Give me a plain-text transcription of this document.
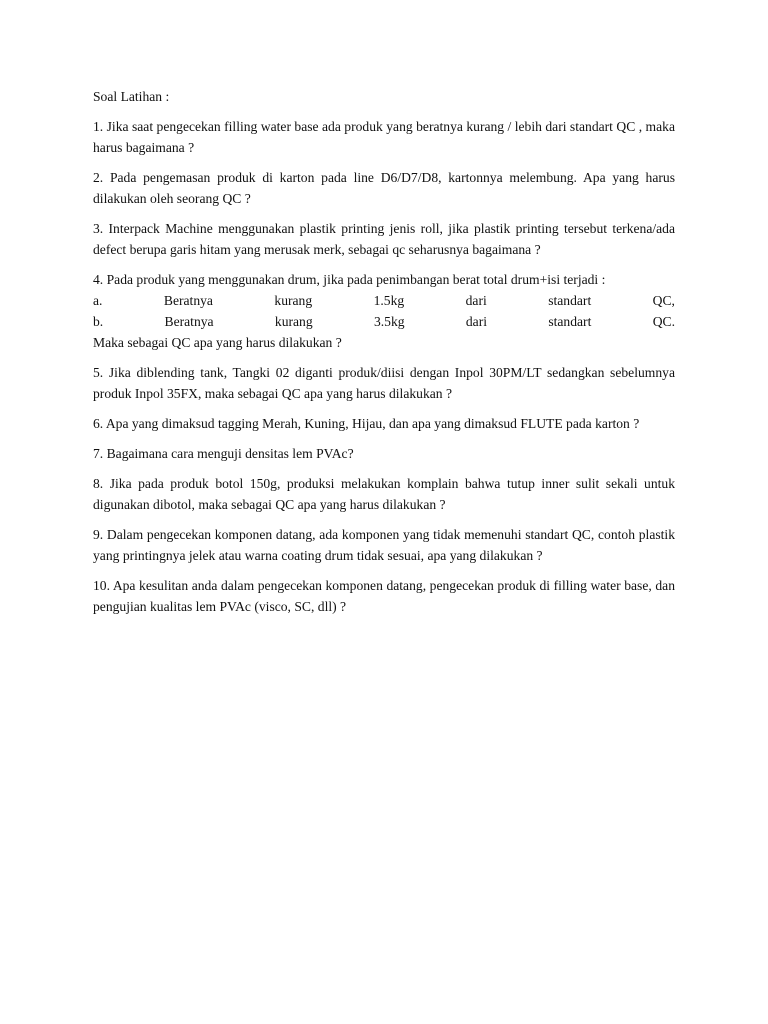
Soal Latihan :

1. Jika saat pengecekan filling water base ada produk yang beratnya kurang / lebih dari standart QC , maka harus bagaimana ?

2. Pada pengemasan produk di karton pada line D6/D7/D8, kartonnya melembung. Apa yang harus dilakukan oleh seorang QC ?

3. Interpack Machine menggunakan plastik printing jenis roll, jika plastik printing tersebut terkena/ada defect berupa garis hitam yang merusak merk, sebagai qc seharusnya bagaimana ?

4. Pada produk yang menggunakan drum, jika pada penimbangan berat total drum+isi terjadi :
a.	Beratnya	kurang	1.5kg	dari	standart	QC,
b.	Beratnya	kurang	3.5kg	dari	standart	QC.
Maka sebagai QC apa yang harus dilakukan ?

5. Jika diblending tank, Tangki 02 diganti produk/diisi dengan Inpol 30PM/LT sedangkan sebelumnya produk Inpol 35FX, maka sebagai QC apa yang harus dilakukan ?

6. Apa yang dimaksud tagging Merah, Kuning, Hijau, dan apa yang dimaksud FLUTE pada karton ?

7. Bagaimana cara menguji densitas lem PVAc?

8. Jika pada produk botol 150g, produksi melakukan komplain bahwa tutup inner sulit sekali untuk digunakan dibotol, maka sebagai QC apa yang harus dilakukan ?

9. Dalam pengecekan komponen datang, ada komponen yang tidak memenuhi standart QC, contoh plastik yang printingnya jelek atau warna coating drum tidak sesuai, apa yang dilakukan ?

10. Apa kesulitan anda dalam pengecekan komponen datang, pengecekan produk di filling water base, dan pengujian kualitas lem PVAc (visco, SC, dll) ?
